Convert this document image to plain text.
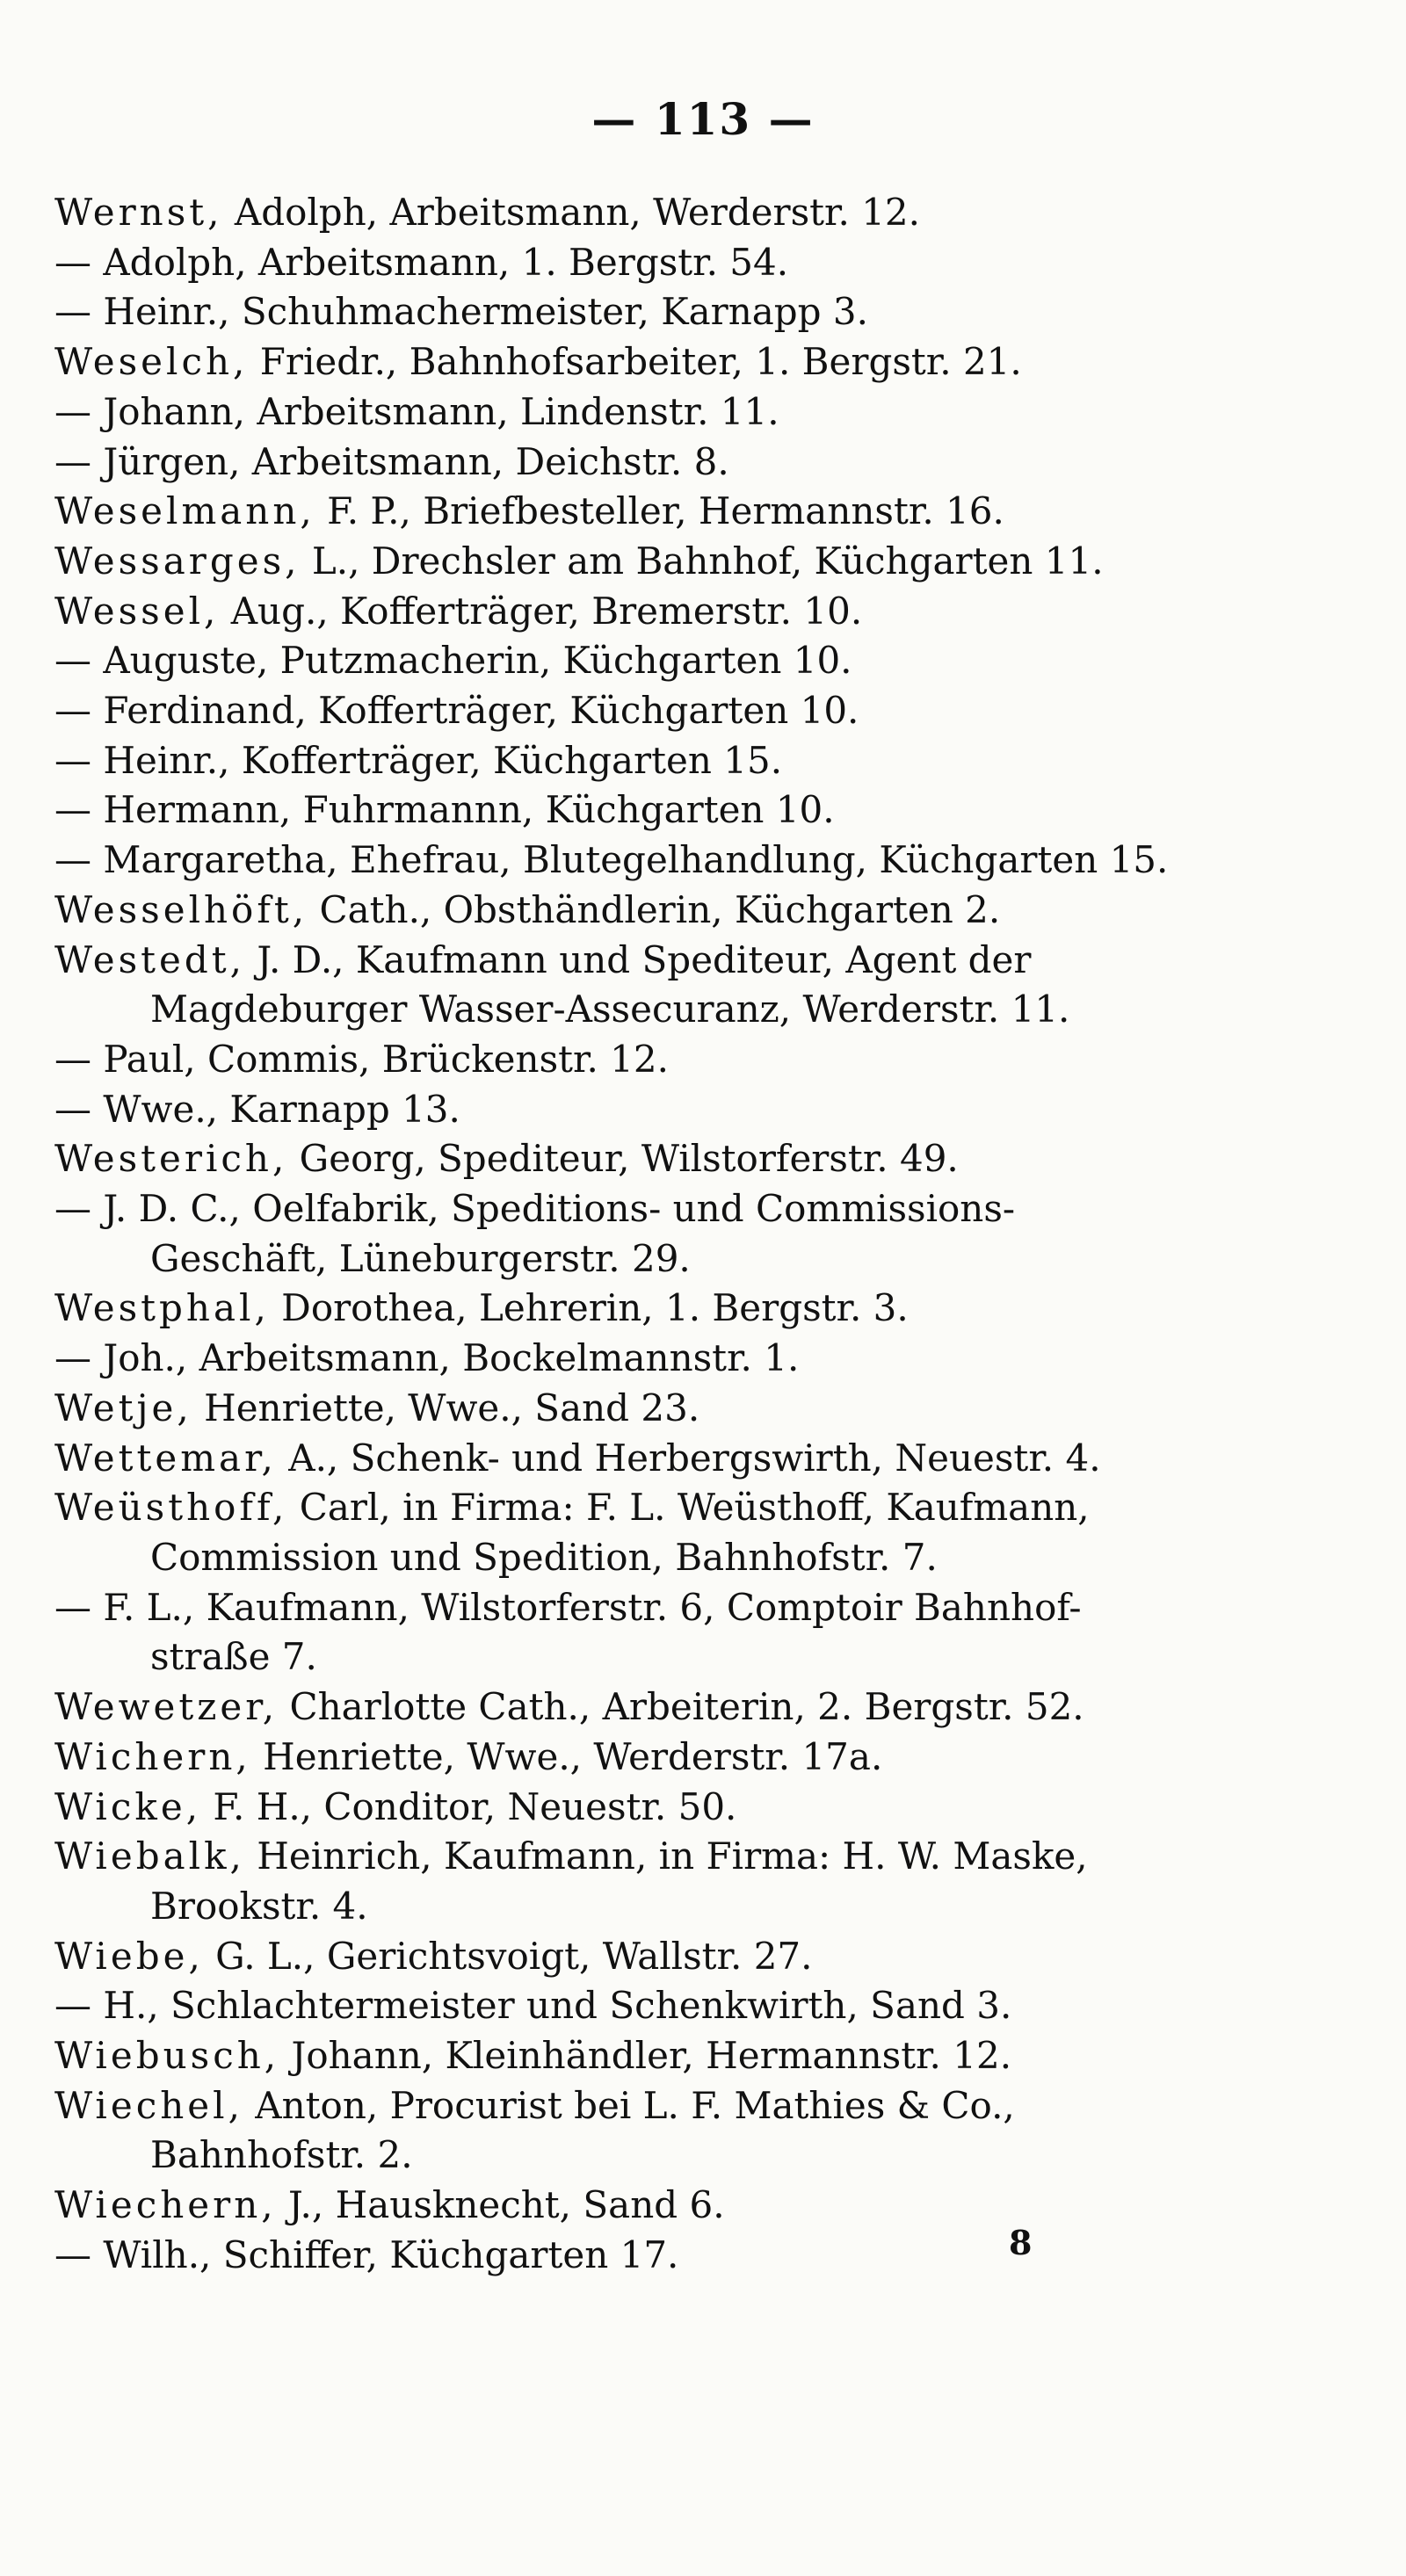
— 113 —
Wernst, Adolph, Arbeitsmann, Werderstr. 12.
— Adolph, Arbeitsmann, 1. Bergstr. 54.
— Heinr., Schuhmachermeister, Karnapp 3.
Weselch, Friedr., Bahnhofsarbeiter, 1. Bergstr. 21.
— Johann, Arbeitsmann, Lindenstr. 11.
— Jürgen, Arbeitsmann, Deichstr. 8.
Weselmann, F. P., Briefbesteller, Hermannstr. 16.
Wessarges, L., Drechsler am Bahnhof, Küchgarten 11.
Wessel, Aug., Kofferträger, Bremerstr. 10.
— Auguste, Putzmacherin, Küchgarten 10.
— Ferdinand, Kofferträger, Küchgarten 10.
— Heinr., Kofferträger, Küchgarten 15.
— Hermann, Fuhrmannn, Küchgarten 10.
— Margaretha, Ehefrau, Blutegelhandlung, Küchgarten 15.
Wesselhöft, Cath., Obsthändlerin, Küchgarten 2.
Westedt, J. D., Kaufmann und Spediteur, Agent der
Magdeburger Wasser-Assecuranz, Werderstr. 11.
— Paul, Commis, Brückenstr. 12.
— Wwe., Karnapp 13.
Westerich, Georg, Spediteur, Wilstorferstr. 49.
— J. D. C., Oelfabrik, Speditions- und Commissions-
Geschäft, Lüneburgerstr. 29.
Westphal, Dorothea, Lehrerin, 1. Bergstr. 3.
— Joh., Arbeitsmann, Bockelmannstr. 1.
Wetje, Henriette, Wwe., Sand 23.
Wettemar, A., Schenk- und Herbergswirth, Neuestr. 4.
Weüsthoff, Carl, in Firma: F. L. Weüsthoff, Kaufmann,
Commission und Spedition, Bahnhofstr. 7.
— F. L., Kaufmann, Wilstorferstr. 6, Comptoir Bahnhof-
straße 7.
Wewetzer, Charlotte Cath., Arbeiterin, 2. Bergstr. 52.
Wichern, Henriette, Wwe., Werderstr. 17a.
Wicke, F. H., Conditor, Neuestr. 50.
Wiebalk, Heinrich, Kaufmann, in Firma: H. W. Maske,
Brookstr. 4.
Wiebe, G. L., Gerichtsvoigt, Wallstr. 27.
— H., Schlachtermeister und Schenkwirth, Sand 3.
Wiebusch, Johann, Kleinhändler, Hermannstr. 12.
Wiechel, Anton, Procurist bei L. F. Mathies & Co.,
Bahnhofstr. 2.
Wiechern, J., Hausknecht, Sand 6.
— Wilh., Schiffer, Küchgarten 17.	8
